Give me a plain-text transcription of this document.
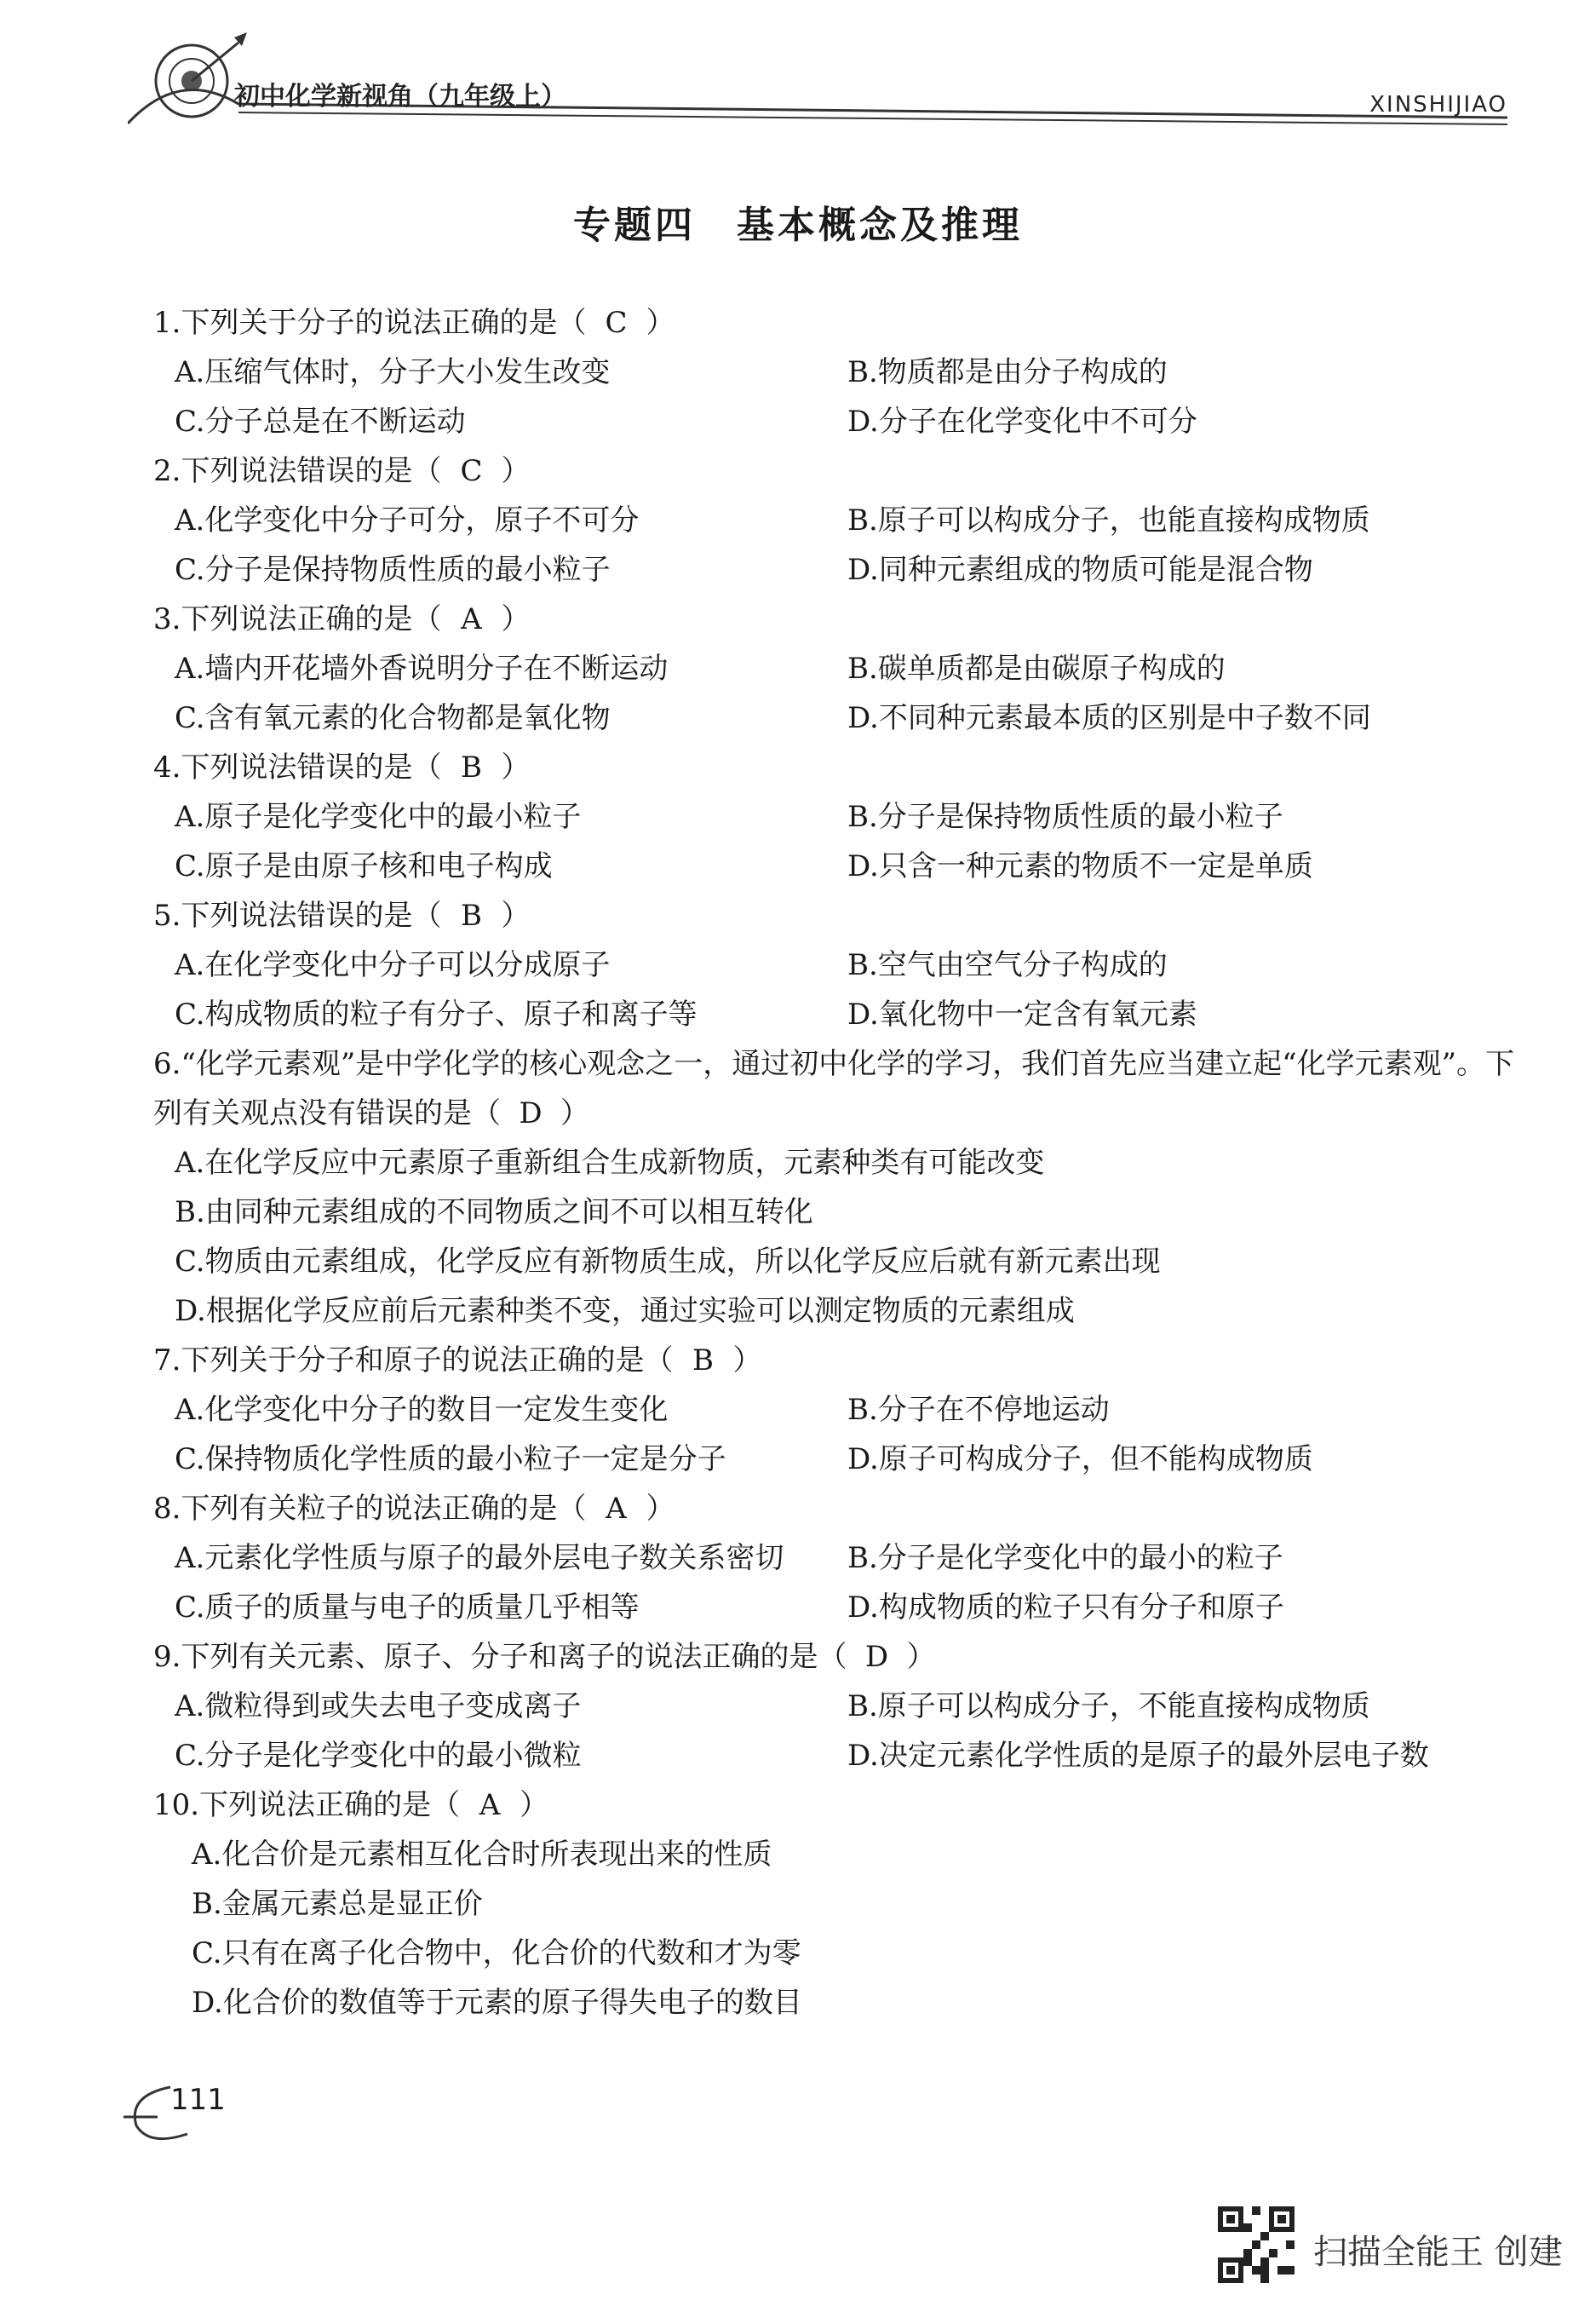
初中化学新视角（九年级上）	XINSHIJIAO
专题四　基本概念及推理
1.下列关于分子的说法正确的是（ C ）
A.压缩气体时，分子大小发生改变	B.物质都是由分子构成的
C.分子总是在不断运动	D.分子在化学变化中不可分
2.下列说法错误的是（ C ）
A.化学变化中分子可分，原子不可分	B.原子可以构成分子，也能直接构成物质
C.分子是保持物质性质的最小粒子	D.同种元素组成的物质可能是混合物
3.下列说法正确的是（ A ）
A.墙内开花墙外香说明分子在不断运动	B.碳单质都是由碳原子构成的
C.含有氧元素的化合物都是氧化物	D.不同种元素最本质的区别是中子数不同
4.下列说法错误的是（ B ）
A.原子是化学变化中的最小粒子	B.分子是保持物质性质的最小粒子
C.原子是由原子核和电子构成	D.只含一种元素的物质不一定是单质
5.下列说法错误的是（ B ）
A.在化学变化中分子可以分成原子	B.空气由空气分子构成的
C.构成物质的粒子有分子、原子和离子等	D.氧化物中一定含有氧元素
6.“化学元素观”是中学化学的核心观念之一，通过初中化学的学习，我们首先应当建立起“化学元素观”。下列有关观点没有错误的是（ D ）
A.在化学反应中元素原子重新组合生成新物质，元素种类有可能改变
B.由同种元素组成的不同物质之间不可以相互转化
C.物质由元素组成，化学反应有新物质生成，所以化学反应后就有新元素出现
D.根据化学反应前后元素种类不变，通过实验可以测定物质的元素组成
7.下列关于分子和原子的说法正确的是（ B ）
A.化学变化中分子的数目一定发生变化	B.分子在不停地运动
C.保持物质化学性质的最小粒子一定是分子	D.原子可构成分子，但不能构成物质
8.下列有关粒子的说法正确的是（ A ）
A.元素化学性质与原子的最外层电子数关系密切	B.分子是化学变化中的最小的粒子
C.质子的质量与电子的质量几乎相等	D.构成物质的粒子只有分子和原子
9.下列有关元素、原子、分子和离子的说法正确的是（ D ）
A.微粒得到或失去电子变成离子	B.原子可以构成分子，不能直接构成物质
C.分子是化学变化中的最小微粒	D.决定元素化学性质的是原子的最外层电子数
10.下列说法正确的是（ A ）
A.化合价是元素相互化合时所表现出来的性质
B.金属元素总是显正价
C.只有在离子化合物中，化合价的代数和才为零
D.化合价的数值等于元素的原子得失电子的数目
111
扫描全能王 创建
